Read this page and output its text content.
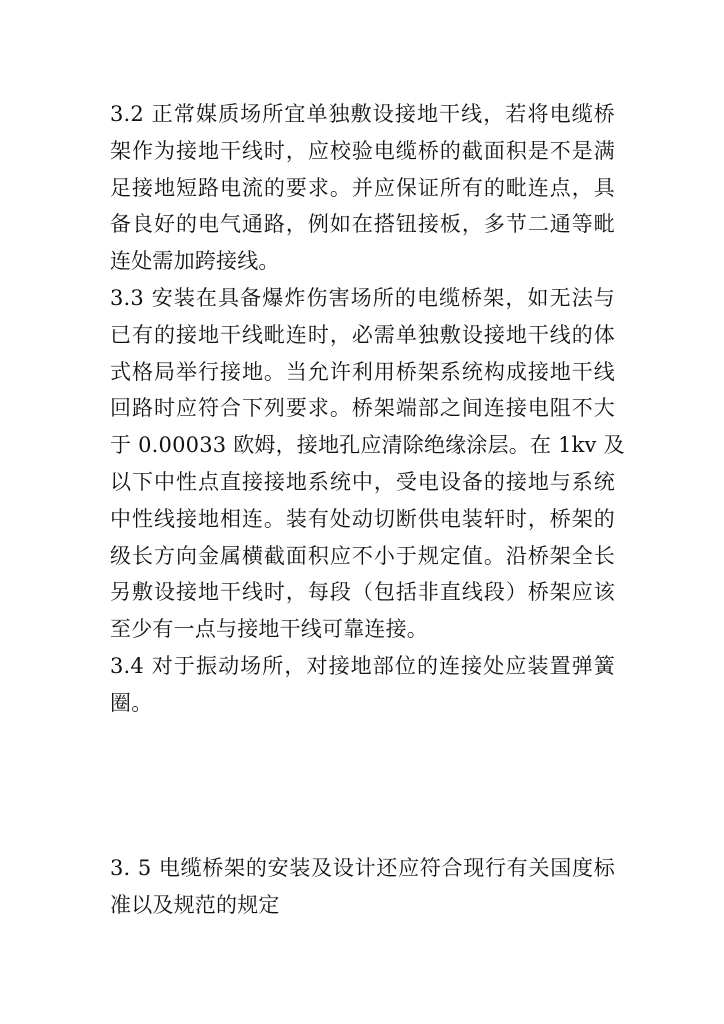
3.2 正常媒质场所宜单独敷设接地干线，若将电缆桥
架作为接地干线时，应校验电缆桥的截面积是不是满
足接地短路电流的要求。并应保证所有的毗连点，具
备良好的电气通路，例如在搭钮接板，多节二通等毗
连处需加跨接线。
3.3 安装在具备爆炸伤害场所的电缆桥架，如无法与
已有的接地干线毗连时，必需单独敷设接地干线的体
式格局举行接地。当允许利用桥架系统构成接地干线
回路时应符合下列要求。桥架端部之间连接电阻不大
于 0.00033 欧姆，接地孔应清除绝缘涂层。在 1kv 及
以下中性点直接接地系统中，受电设备的接地与系统
中性线接地相连。装有处动切断供电装轩时，桥架的
级长方向金属横截面积应不小于规定值。沿桥架全长
另敷设接地干线时，每段（包括非直线段）桥架应该
至少有一点与接地干线可靠连接。
3.4 对于振动场所，对接地部位的连接处应装置弹簧
圈。
3. 5 电缆桥架的安装及设计还应符合现行有关国度标
准以及规范的规定
